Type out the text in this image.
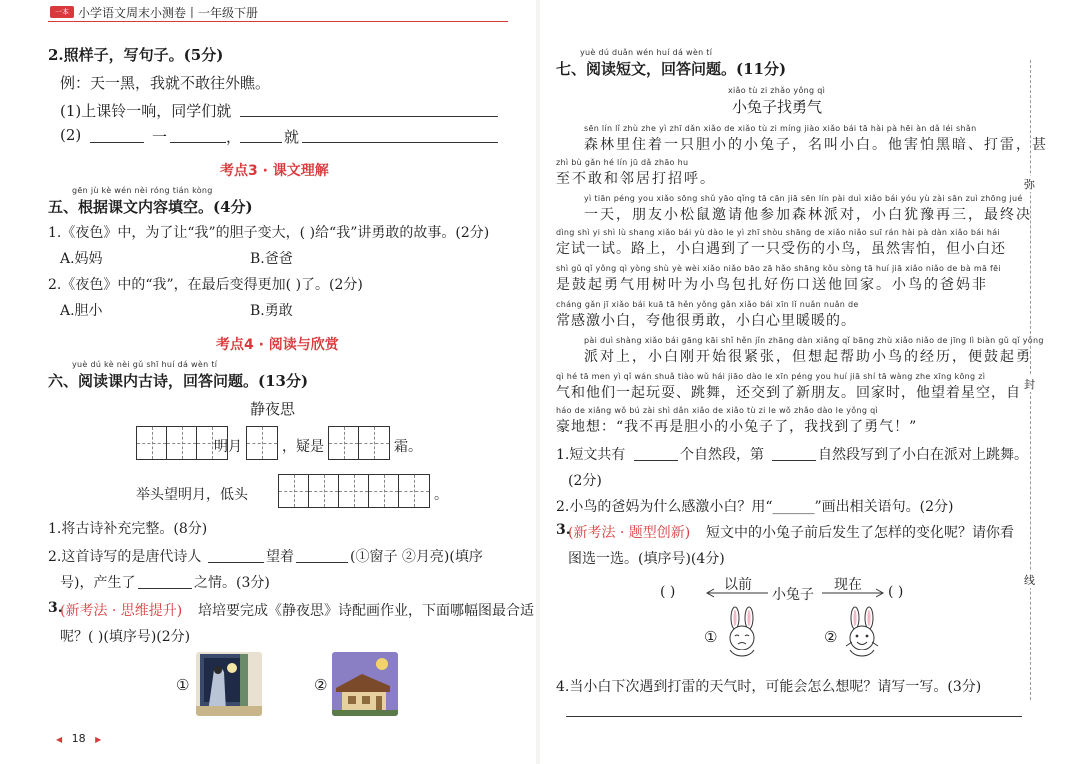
一本 小学语文周末小测卷丨一年级下册
2.照样子，写句子。(5分)
例：天一黑，我就不敢往外瞧。
(1)上课铃一响，同学们就
(2)	一	，	就
考点3 · 课文理解
gēn jù kè wén nèi róng tián kòng
五、根据课文内容填空。(4分)
1.《夜色》中，为了让“我”的胆子变大，( )给“我”讲勇敢的故事。(2分)
A.妈妈	B.爸爸
2.《夜色》中的“我”，在最后变得更加( )了。(2分)
A.胆小	B.勇敢
考点4 · 阅读与欣赏
yuè dú kè nèi gǔ shī huí dá wèn tí
六、阅读课内古诗，回答问题。(13分)
静夜思
明月	，疑是	霜。
举头望明月，低头	。
1.将古诗补充完整。(8分)
2.这首诗写的是唐代诗人	望着	(①窗子 ②月亮)(填序
号)，产生了	之情。(3分)
3.
(新考法 · 思维提升) 培培要完成《静夜思》诗配画作业，下面哪幅图最合适
呢？( )(填序号)(2分)
①	②
◀ 18 ▶
yuè dú duǎn wén huí dá wèn tí
七、阅读短文，回答问题。(11分)
xiǎo tù zi zhǎo yǒng qì
小兔子找勇气
sēn lín lǐ zhù zhe yì zhī dǎn xiǎo de xiǎo tù zi míng jiào xiǎo bái tā hài pà hēi àn dǎ léi shǎn
森林里住着一只胆小的小兔子，名叫小白。他害怕黑暗、打雷，甚
zhì bù gǎn hé lín jū dǎ zhāo hu
至不敢和邻居打招呼。
yì tiān péng you xiǎo sōng shǔ yāo qǐng tā cān jiā sēn lín pài duì xiǎo bái yóu yù zài sān zuì zhōng jué
一天，朋友小松鼠邀请他参加森林派对，小白犹豫再三，最终决
dìng shì yi shì lù shang xiǎo bái yù dào le yì zhī shòu shāng de xiǎo niǎo suī rán hài pà dàn xiǎo bái hái
定试一试。路上，小白遇到了一只受伤的小鸟，虽然害怕，但小白还
shì gǔ qǐ yǒng qì yòng shù yè wèi xiǎo niǎo bāo zā hǎo shāng kǒu sòng tā huí jiā xiǎo niǎo de bà mā fēi
是鼓起勇气用树叶为小鸟包扎好伤口送他回家。小鸟的爸妈非
cháng gǎn jī xiǎo bái kuā tā hěn yǒng gǎn xiǎo bái xīn lǐ nuǎn nuǎn de
常感激小白，夸他很勇敢，小白心里暖暖的。
pài duì shàng xiǎo bái gāng kāi shǐ hěn jǐn zhāng dàn xiǎng qǐ bāng zhù xiǎo niǎo de jīng lì biàn gǔ qǐ yǒng
派对上，小白刚开始很紧张，但想起帮助小鸟的经历，便鼓起勇
qì hé tā men yì qǐ wán shuǎ tiào wǔ hái jiāo dào le xīn péng you huí jiā shí tā wàng zhe xīng kōng zì
气和他们一起玩耍、跳舞，还交到了新朋友。回家时，他望着星空，自
háo de xiǎng wǒ bú zài shì dǎn xiǎo de xiǎo tù zi le wǒ zhǎo dào le yǒng qì
豪地想：“我不再是胆小的小兔子了，我找到了勇气！”
1.短文共有	个自然段，第	自然段写到了小白在派对上跳舞。
(2分)
2.小鸟的爸妈为什么感激小白？用“______”画出相关语句。(2分)
3.
(新考法 · 题型创新) 短文中的小兔子前后发生了怎样的变化呢？请你看
图选一选。(填序号)(4分)
( )	以前
小兔子
现在 ( )
①	②
4.当小白下次遇到打雷的天气时，可能会怎么想呢？请写一写。(3分)
弥
封
线
